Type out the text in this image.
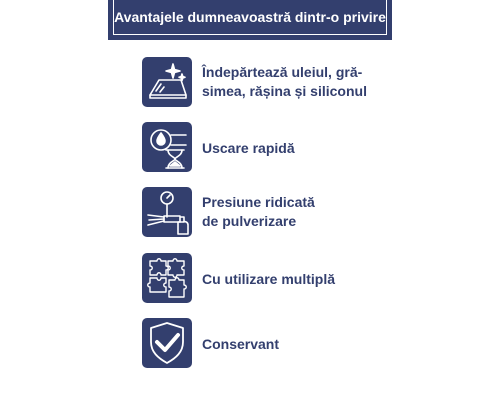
Avantajele dumneavoastră dintr-o privire
Îndepărtează uleiul, gră-
simea, rășina și siliconul
Uscare rapidă
Presiune ridicată
de pulverizare
Cu utilizare multiplă
Conservant
